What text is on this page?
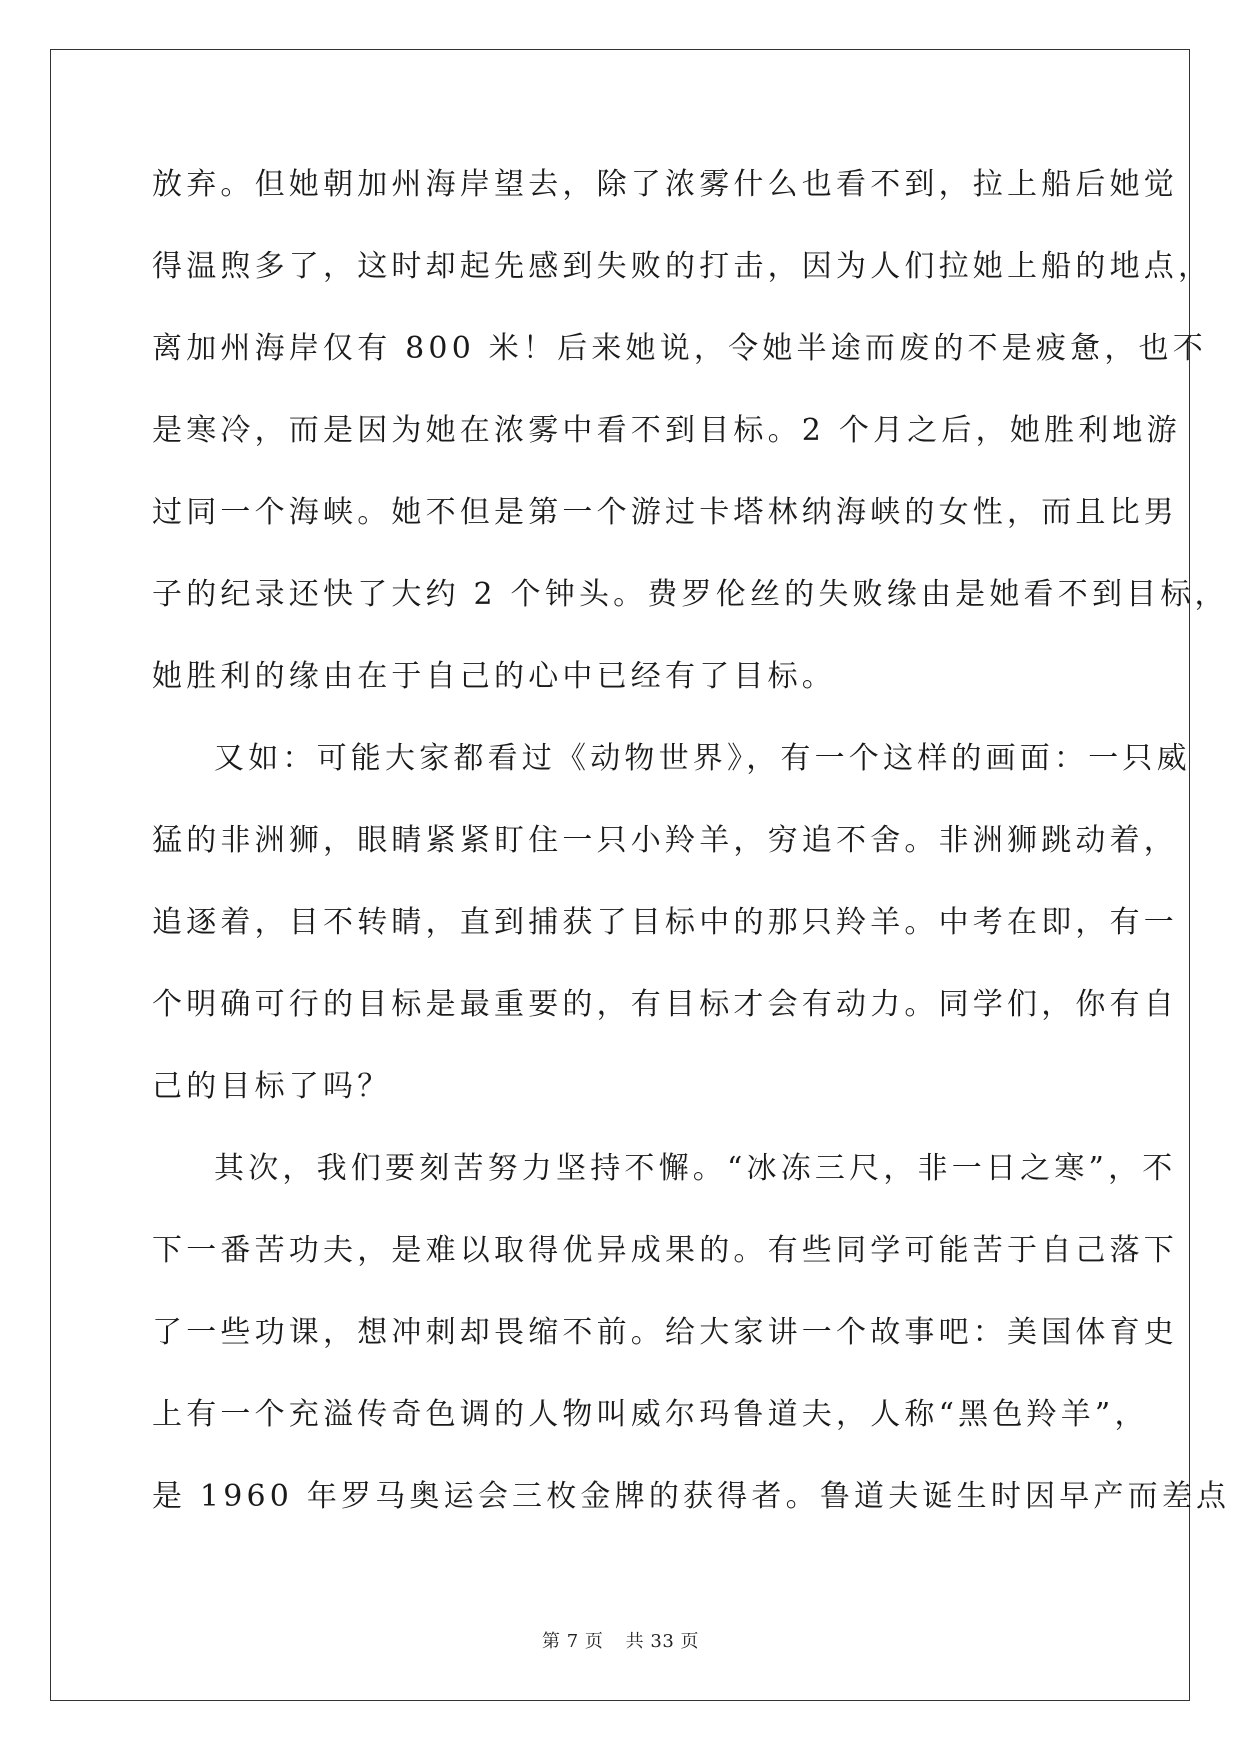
放弃。但她朝加州海岸望去，除了浓雾什么也看不到，拉上船后她觉

得温煦多了，这时却起先感到失败的打击，因为人们拉她上船的地点，

离加州海岸仅有 800 米！后来她说，令她半途而废的不是疲惫，也不

是寒冷，而是因为她在浓雾中看不到目标。2 个月之后，她胜利地游

过同一个海峡。她不但是第一个游过卡塔林纳海峡的女性，而且比男

子的纪录还快了大约 2 个钟头。费罗伦丝的失败缘由是她看不到目标，

她胜利的缘由在于自己的心中已经有了目标。

又如：可能大家都看过《动物世界》，有一个这样的画面：一只威

猛的非洲狮，眼睛紧紧盯住一只小羚羊，穷追不舍。非洲狮跳动着，

追逐着，目不转睛，直到捕获了目标中的那只羚羊。中考在即，有一

个明确可行的目标是最重要的，有目标才会有动力。同学们，你有自

己的目标了吗？

其次，我们要刻苦努力坚持不懈。“冰冻三尺，非一日之寒”，不

下一番苦功夫，是难以取得优异成果的。有些同学可能苦于自己落下

了一些功课，想冲刺却畏缩不前。给大家讲一个故事吧：美国体育史

上有一个充溢传奇色调的人物叫威尔玛鲁道夫，人称“黑色羚羊”，

是 1960 年罗马奥运会三枚金牌的获得者。鲁道夫诞生时因早产而差点

第 7 页 共 33 页
